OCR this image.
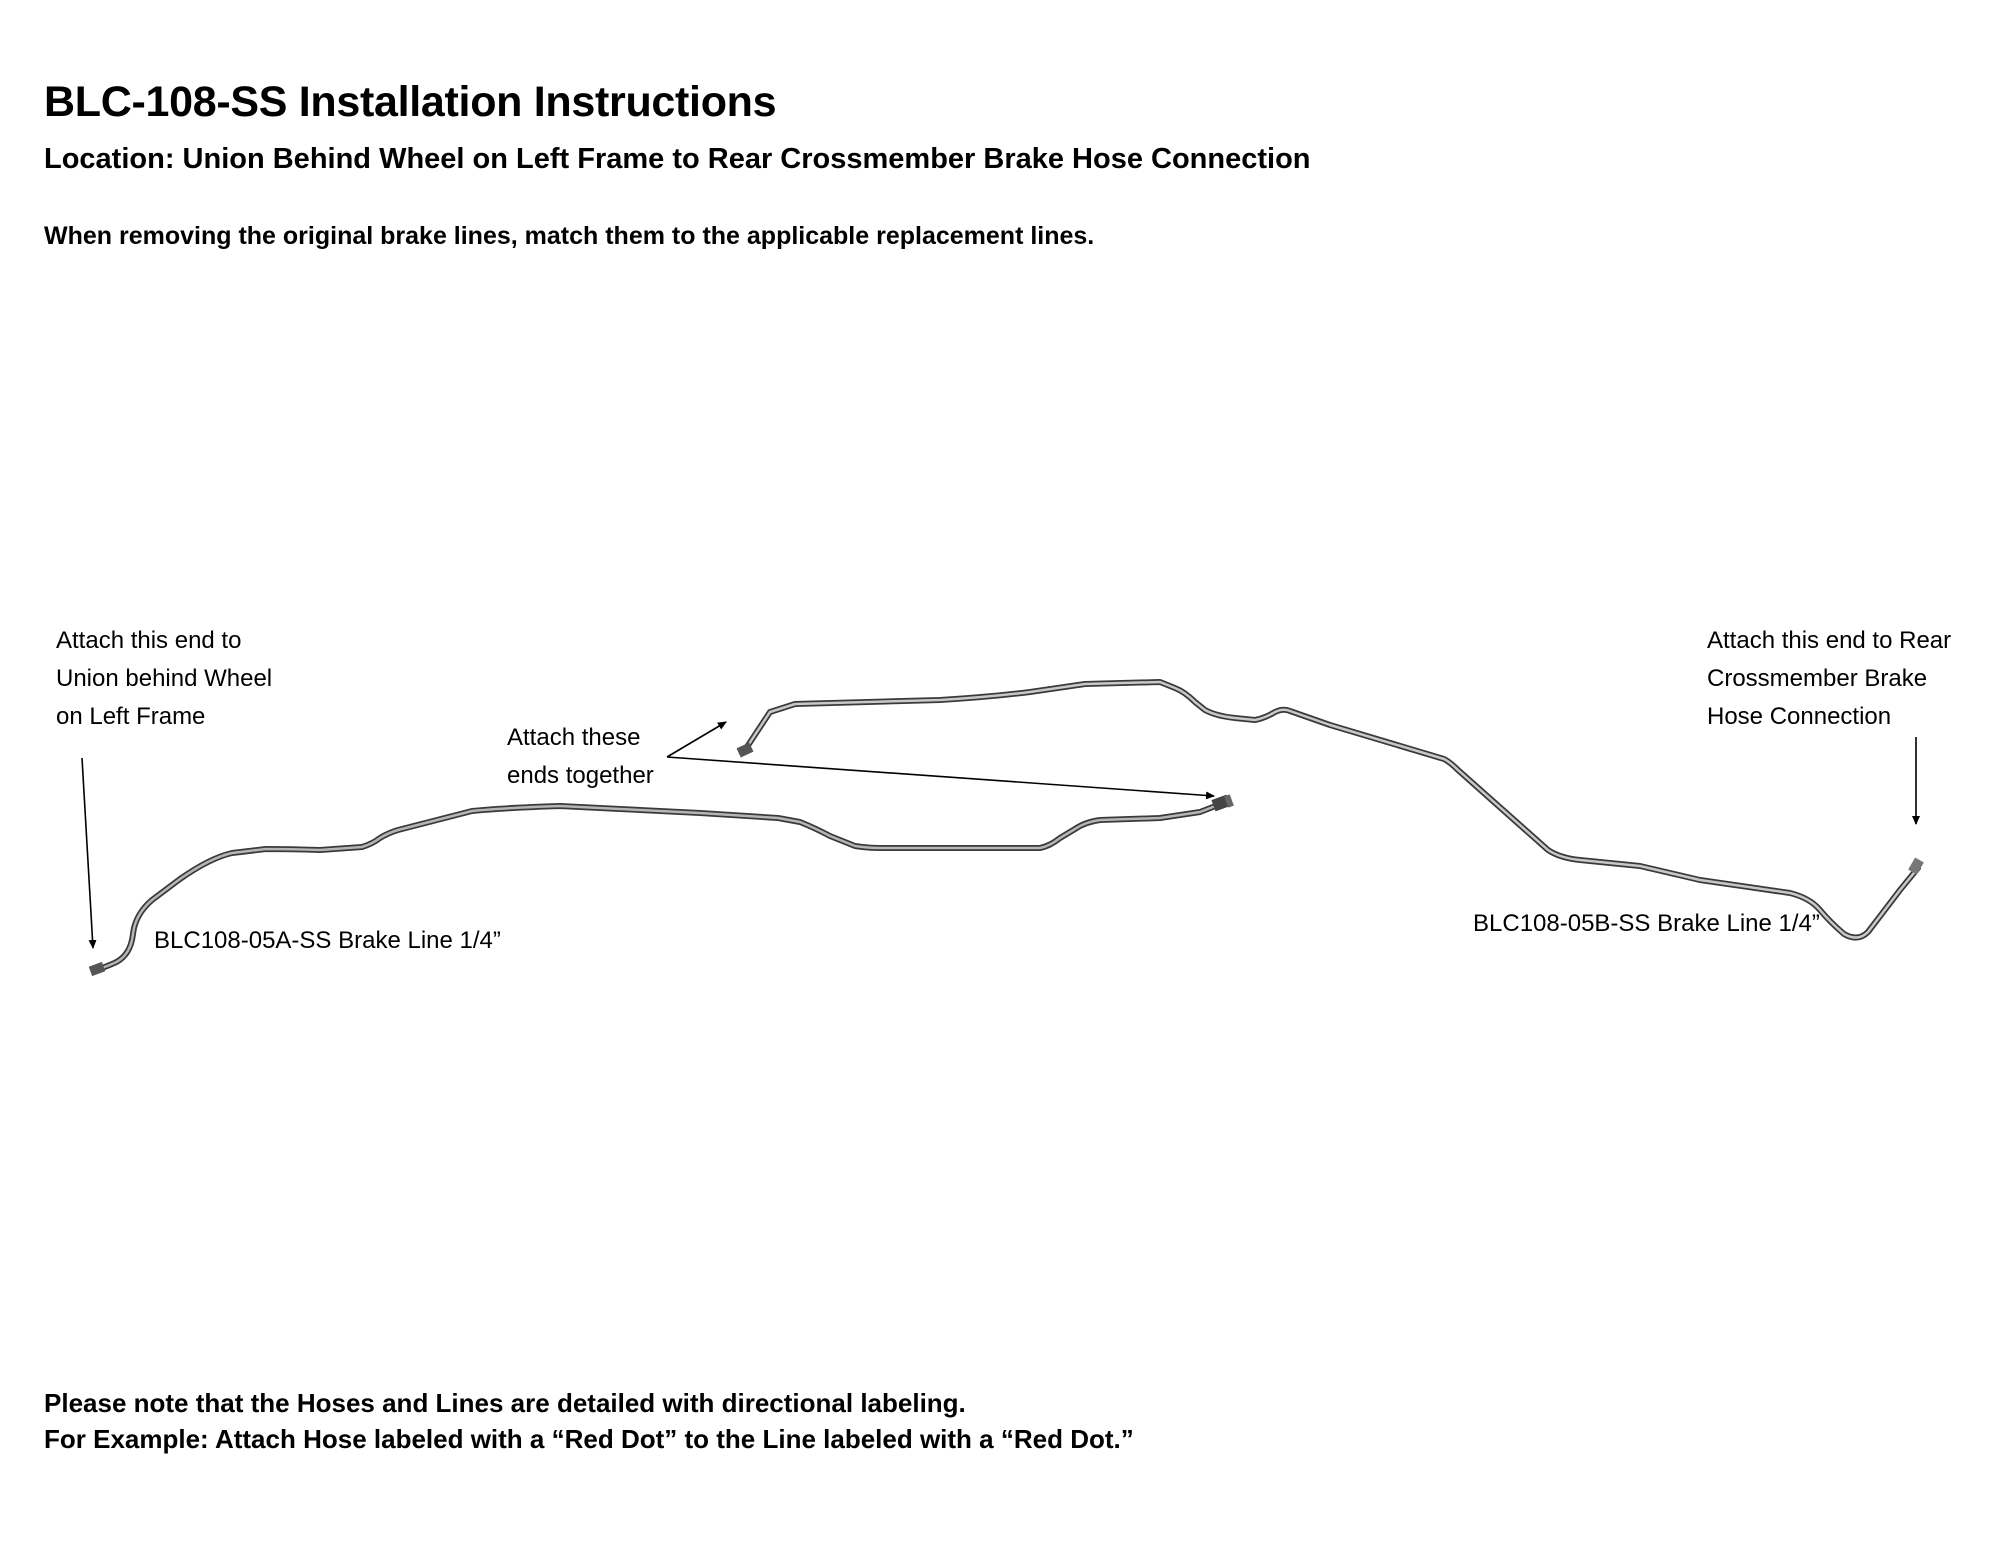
BLC-108-SS Installation Instructions
Location: Union Behind Wheel on Left Frame to Rear Crossmember Brake Hose Connection
When removing the original brake lines, match them to the applicable replacement lines.
Attach this end to
Union behind Wheel
on Left Frame
Attach these
ends together
Attach this end to Rear
Crossmember Brake
Hose Connection
BLC108-05A-SS Brake Line 1/4”
BLC108-05B-SS Brake Line 1/4”
Please note that the Hoses and Lines are detailed with directional labeling.
For Example: Attach Hose labeled with a “Red Dot” to the Line labeled with a “Red Dot.”
